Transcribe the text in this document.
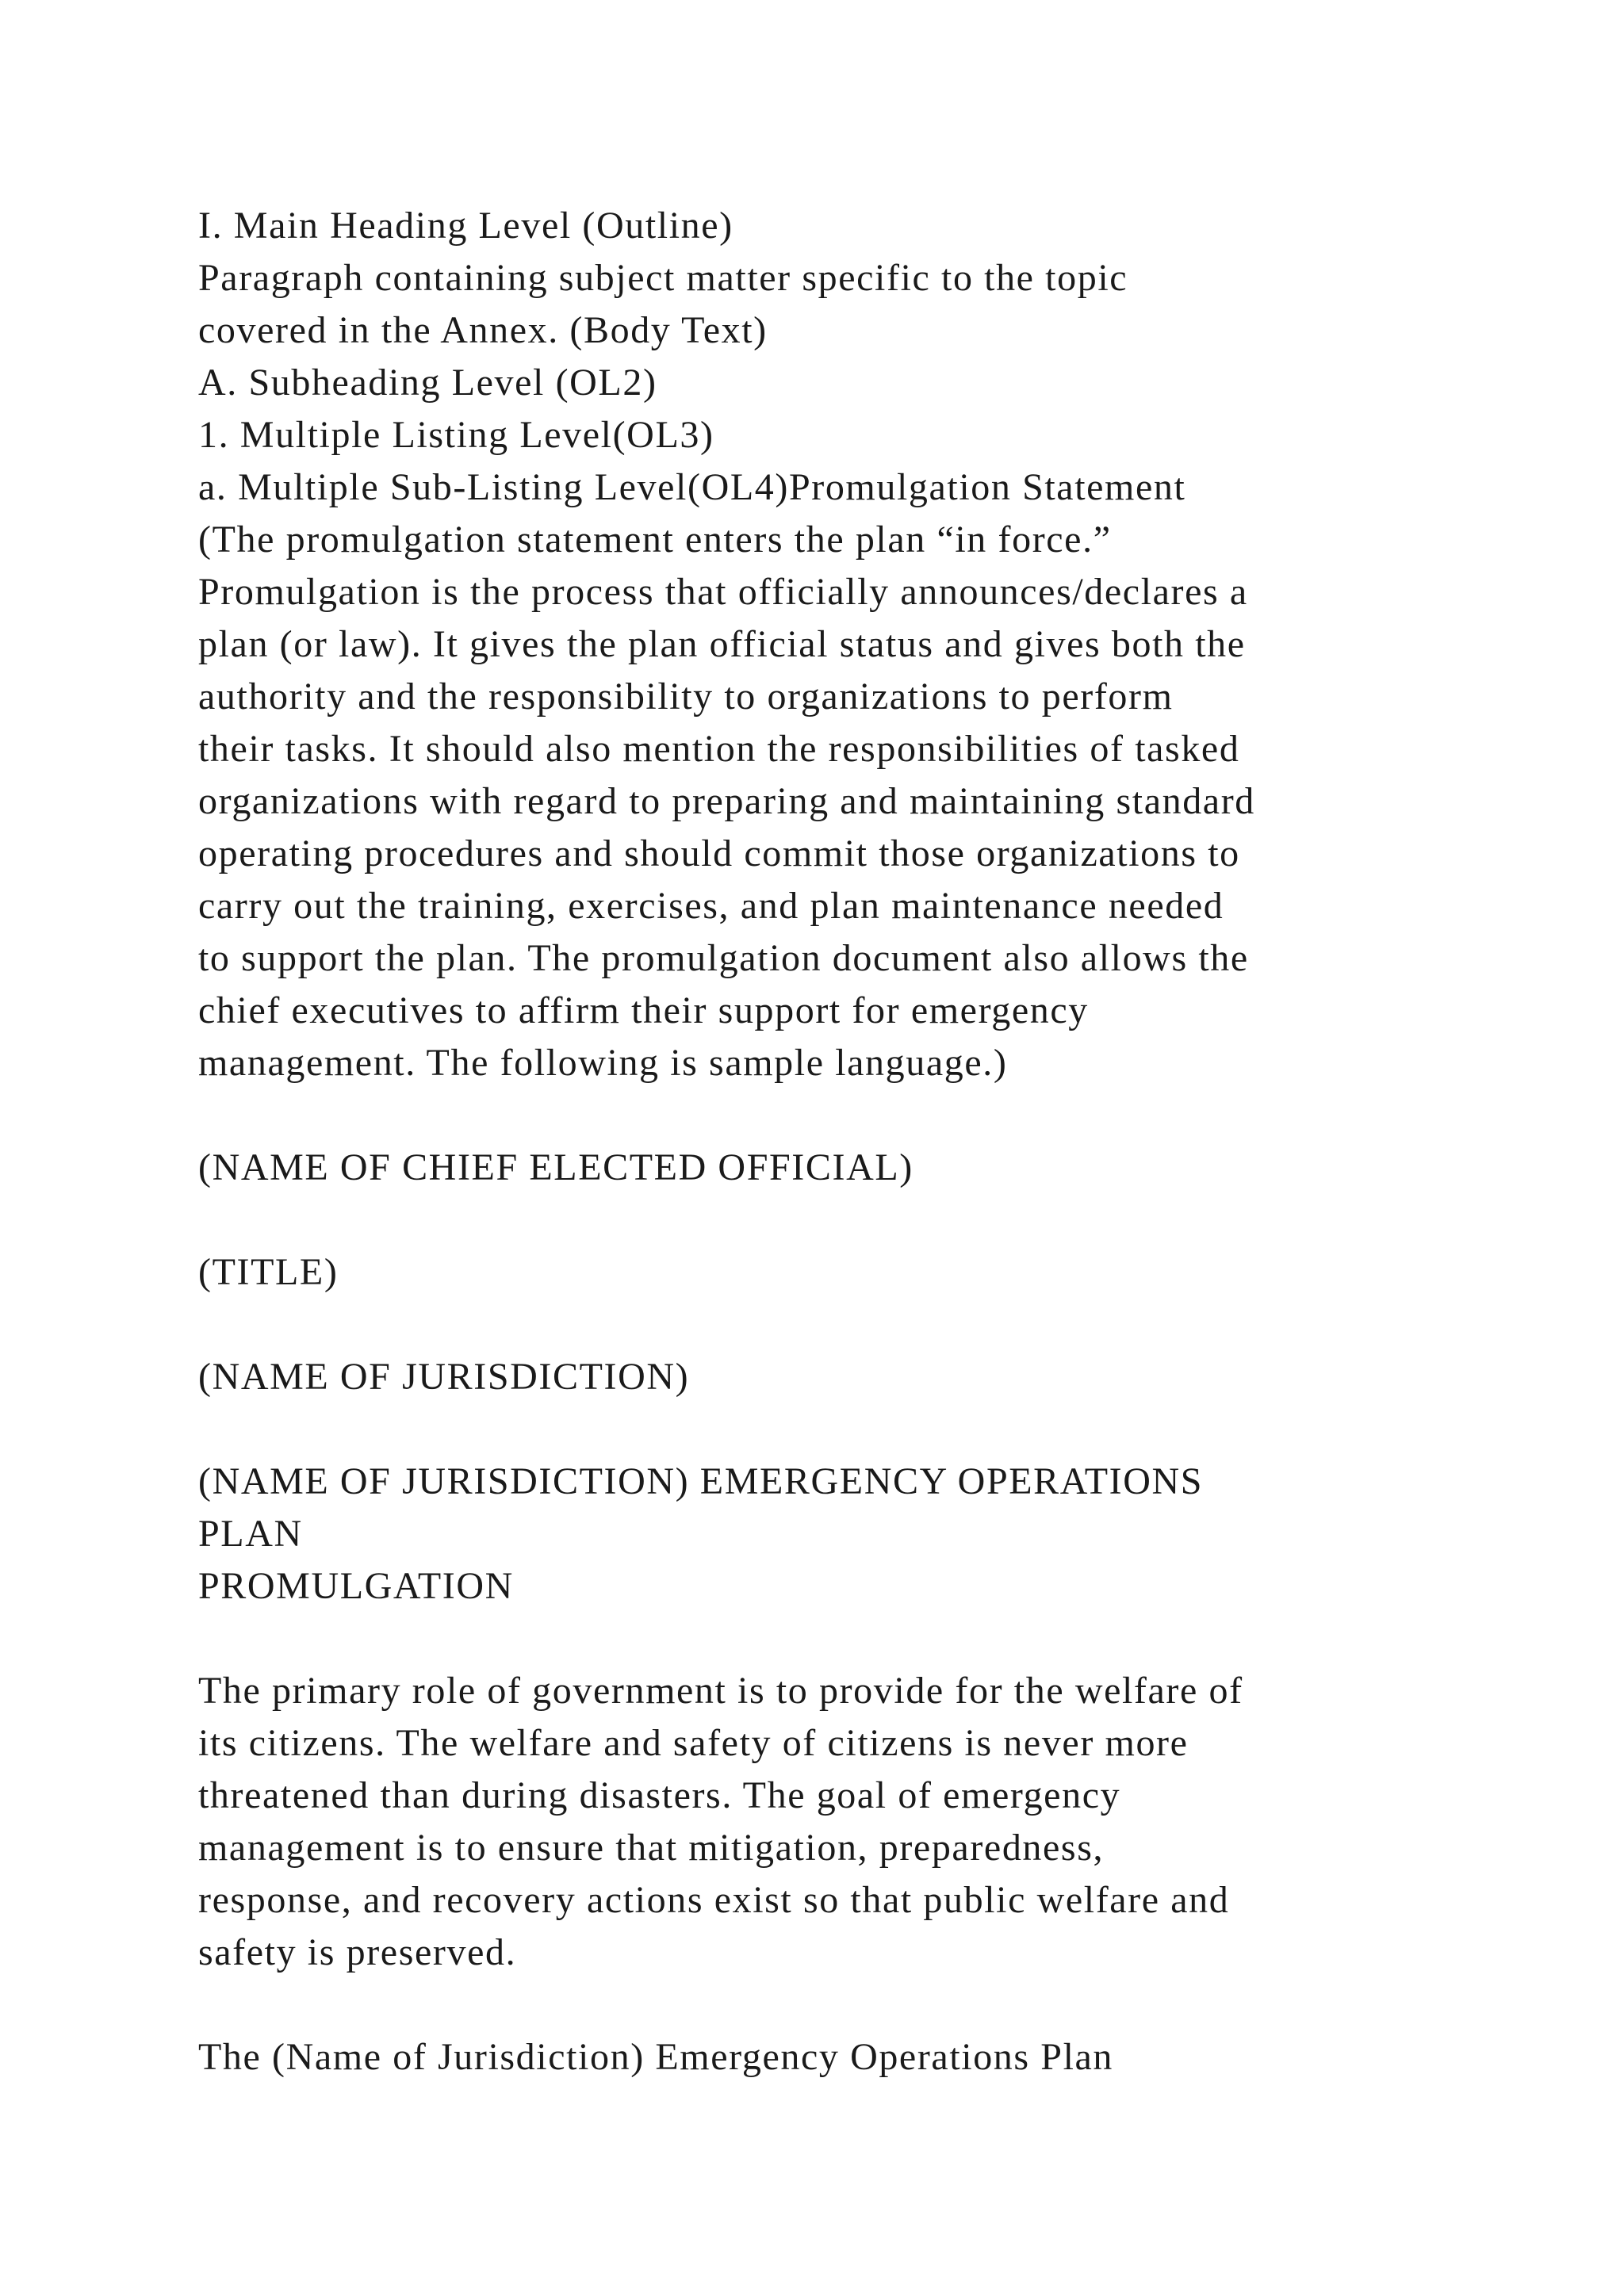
I. Main Heading Level (Outline)
Paragraph containing subject matter specific to the topic
covered in the Annex. (Body Text)
A. Subheading Level (OL2)
1. Multiple Listing Level(OL3)
a. Multiple Sub-Listing Level(OL4)Promulgation Statement
(The promulgation statement enters the plan “in force.”
Promulgation is the process that officially announces/declares a
plan (or law). It gives the plan official status and gives both the
authority and the responsibility to organizations to perform
their tasks. It should also mention the responsibilities of tasked
organizations with regard to preparing and maintaining standard
operating procedures and should commit those organizations to
carry out the training, exercises, and plan maintenance needed
to support the plan. The promulgation document also allows the
chief executives to affirm their support for emergency
management. The following is sample language.)
(NAME OF CHIEF ELECTED OFFICIAL)
(TITLE)
(NAME OF JURISDICTION)
(NAME OF JURISDICTION) EMERGENCY OPERATIONS
PLAN
PROMULGATION
The primary role of government is to provide for the welfare of
its citizens. The welfare and safety of citizens is never more
threatened than during disasters. The goal of emergency
management is to ensure that mitigation, preparedness,
response, and recovery actions exist so that public welfare and
safety is preserved.
The (Name of Jurisdiction) Emergency Operations Plan
